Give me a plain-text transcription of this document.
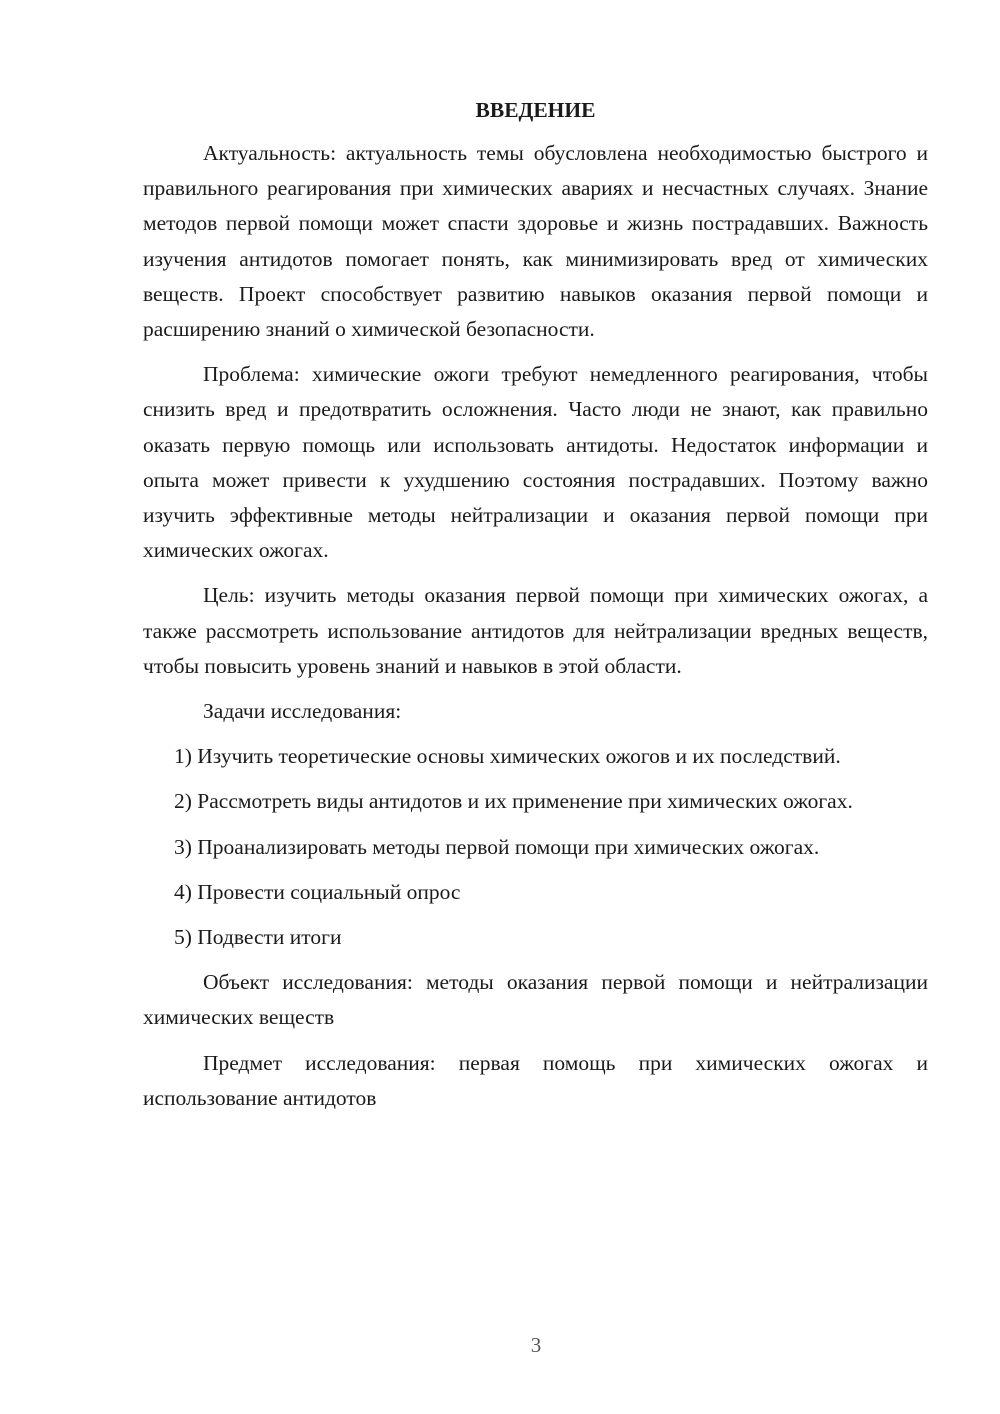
ВВЕДЕНИЕ

Актуальность: актуальность темы обусловлена необходимостью быстрого и правильного реагирования при химических авариях и несчастных случаях. Знание методов первой помощи может спасти здоровье и жизнь пострадавших. Важность изучения антидотов помогает понять, как минимизировать вред от химических веществ. Проект способствует развитию навыков оказания первой помощи и расширению знаний о химической безопасности.

Проблема: химические ожоги требуют немедленного реагирования, чтобы снизить вред и предотвратить осложнения. Часто люди не знают, как правильно оказать первую помощь или использовать антидоты. Недостаток информации и опыта может привести к ухудшению состояния пострадавших. Поэтому важно изучить эффективные методы нейтрализации и оказания первой помощи при химических ожогах.

Цель: изучить методы оказания первой помощи при химических ожогах, а также рассмотреть использование антидотов для нейтрализации вредных веществ, чтобы повысить уровень знаний и навыков в этой области.

Задачи исследования:

1) Изучить теоретические основы химических ожогов и их последствий.

2) Рассмотреть виды антидотов и их применение при химических ожогах.

3) Проанализировать методы первой помощи при химических ожогах.

4) Провести социальный опрос

5) Подвести итоги

Объект исследования: методы оказания первой помощи и нейтрализации химических веществ

Предмет исследования: первая помощь при химических ожогах и использование антидотов

3
